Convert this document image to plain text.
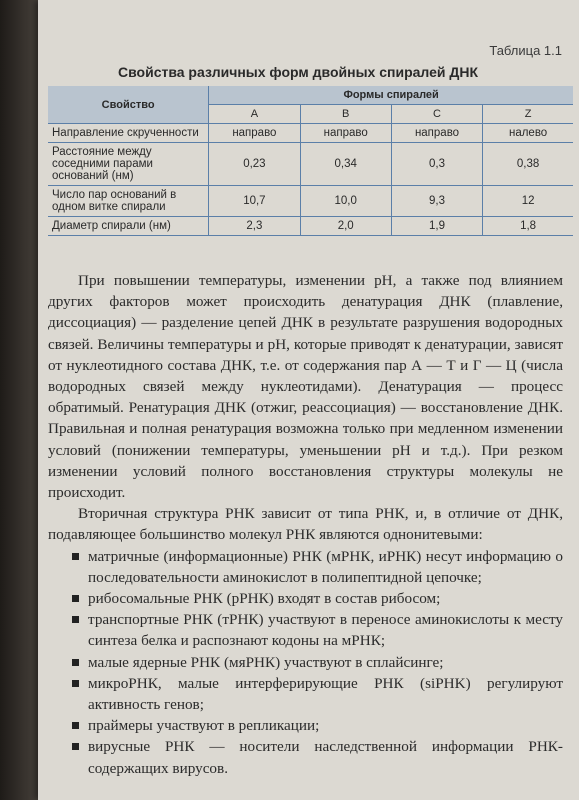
Таблица 1.1
Свойства различных форм двойных спиралей ДНК
Свойство	Формы спиралей			
	A	B	C	Z
Направление скрученности	направо	направо	направо	налево
Расстояние между соседними парами оснований (нм)	0,23	0,34	0,3	0,38
Число пар оснований в одном витке спирали	10,7	10,0	9,3	12
Диаметр спирали (нм)	2,3	2,0	1,9	1,8

При повышении температуры, изменении pH, а также под влиянием других факторов может происходить денатурация ДНК (плавление, диссоциация) — разделение цепей ДНК в результате разрушения водородных связей. Величины температуры и pH, которые приводят к денатурации, зависят от нуклеотидного состава ДНК, т.е. от содержания пар А — Т и Г — Ц (числа водородных связей между нуклеотидами). Денатурация — процесс обратимый. Ренатурация ДНК (отжиг, реассоциация) — восстановление ДНК. Правильная и полная ренатурация возможна только при медленном изменении условий (понижении температуры, уменьшении pH и т.д.). При резком изменении условий полного восстановления структуры молекулы не происходит.

Вторичная структура РНК зависит от типа РНК, и, в отличие от ДНК, подавляющее большинство молекул РНК являются однонитевыми:

матричные (информационные) РНК (мРНК, иРНК) несут информацию о последовательности аминокислот в полипептидной цепочке;
рибосомальные РНК (рРНК) входят в состав рибосом;
транспортные РНК (тРНК) участвуют в переносе аминокислоты к месту синтеза белка и распознают кодоны на мРНК;
малые ядерные РНК (мяРНК) участвуют в сплайсинге;
микроРНК, малые интерферирующие РНК (siPHK) регулируют активность генов;
праймеры участвуют в репликации;
вирусные РНК — носители наследственной информации РНК-содержащих вирусов.
